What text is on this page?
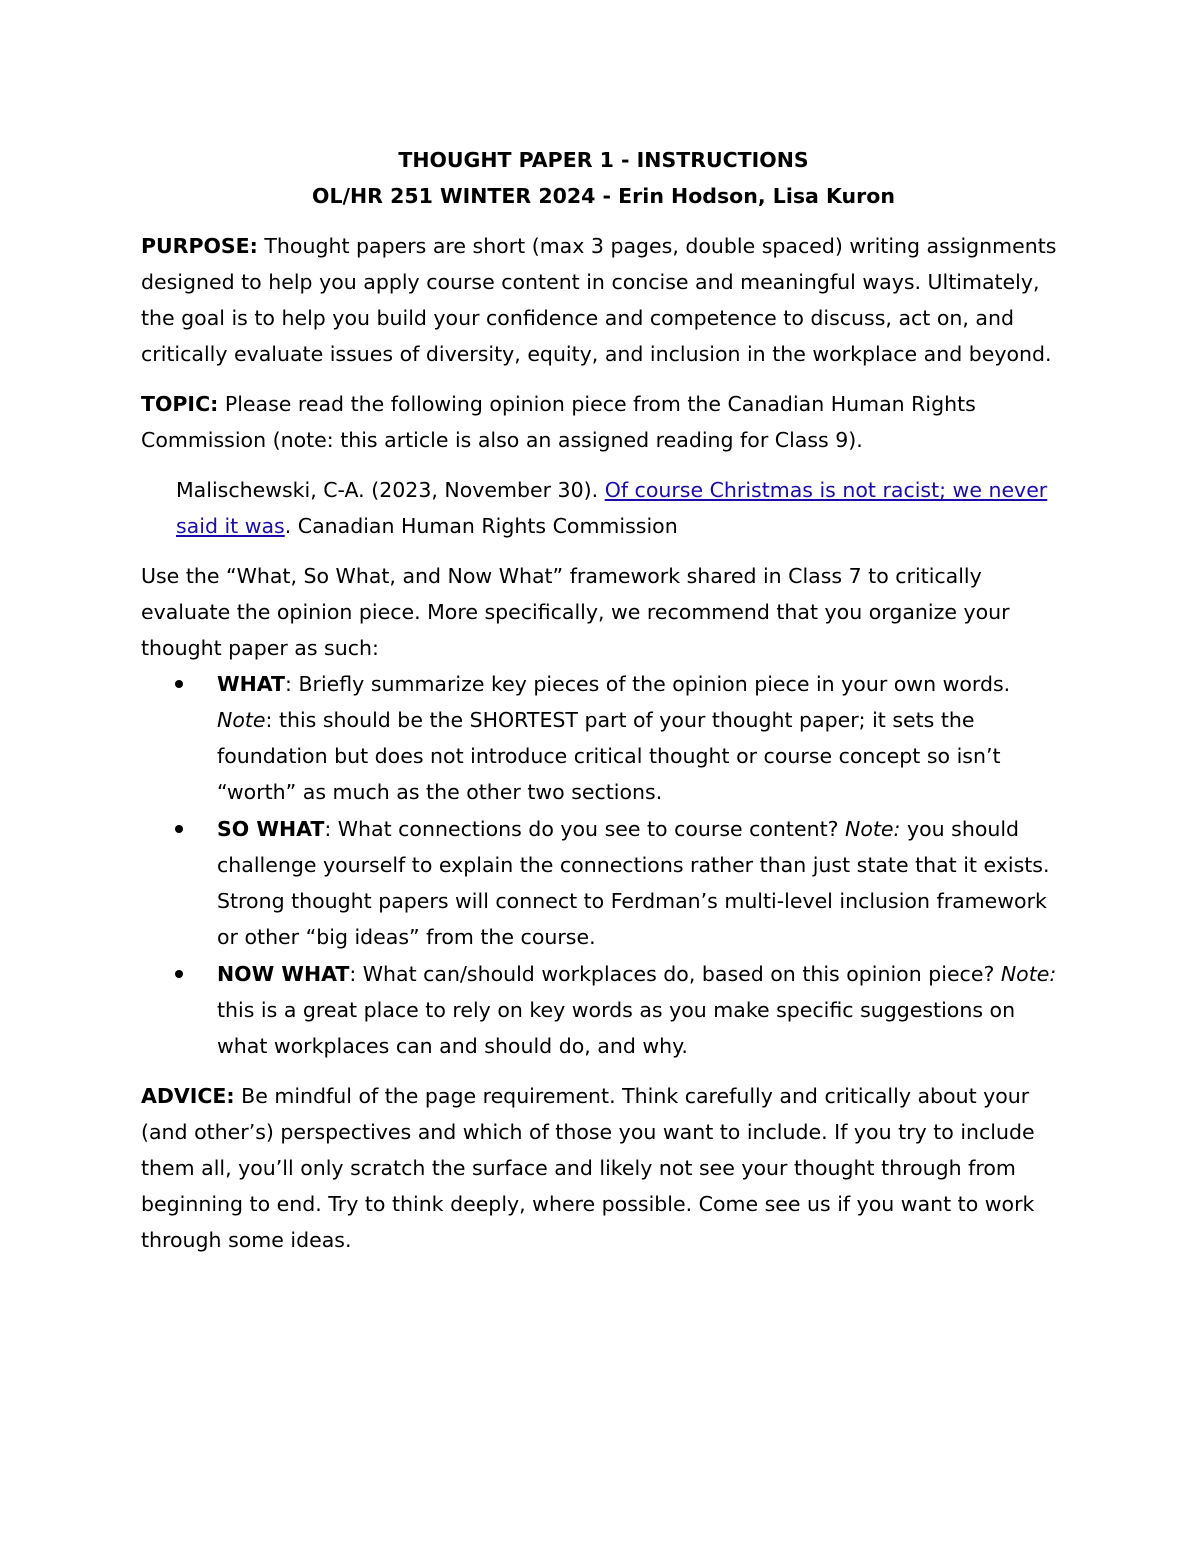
THOUGHT PAPER 1 - INSTRUCTIONS
OL/HR 251 WINTER 2024 - Erin Hodson, Lisa Kuron

PURPOSE: Thought papers are short (max 3 pages, double spaced) writing assignments designed to help you apply course content in concise and meaningful ways. Ultimately, the goal is to help you build your confidence and competence to discuss, act on, and critically evaluate issues of diversity, equity, and inclusion in the workplace and beyond.

TOPIC: Please read the following opinion piece from the Canadian Human Rights Commission (note: this article is also an assigned reading for Class 9).

Malischewski, C-A. (2023, November 30). Of course Christmas is not racist; we never said it was. Canadian Human Rights Commission

Use the “What, So What, and Now What” framework shared in Class 7 to critically evaluate the opinion piece. More specifically, we recommend that you organize your thought paper as such:

WHAT: Briefly summarize key pieces of the opinion piece in your own words. Note: this should be the SHORTEST part of your thought paper; it sets the foundation but does not introduce critical thought or course concept so isn’t “worth” as much as the other two sections.
SO WHAT: What connections do you see to course content? Note: you should challenge yourself to explain the connections rather than just state that it exists. Strong thought papers will connect to Ferdman’s multi-level inclusion framework or other “big ideas” from the course.
NOW WHAT: What can/should workplaces do, based on this opinion piece? Note: this is a great place to rely on key words as you make specific suggestions on what workplaces can and should do, and why.

ADVICE: Be mindful of the page requirement. Think carefully and critically about your (and other’s) perspectives and which of those you want to include. If you try to include them all, you’ll only scratch the surface and likely not see your thought through from beginning to end. Try to think deeply, where possible. Come see us if you want to work through some ideas.
